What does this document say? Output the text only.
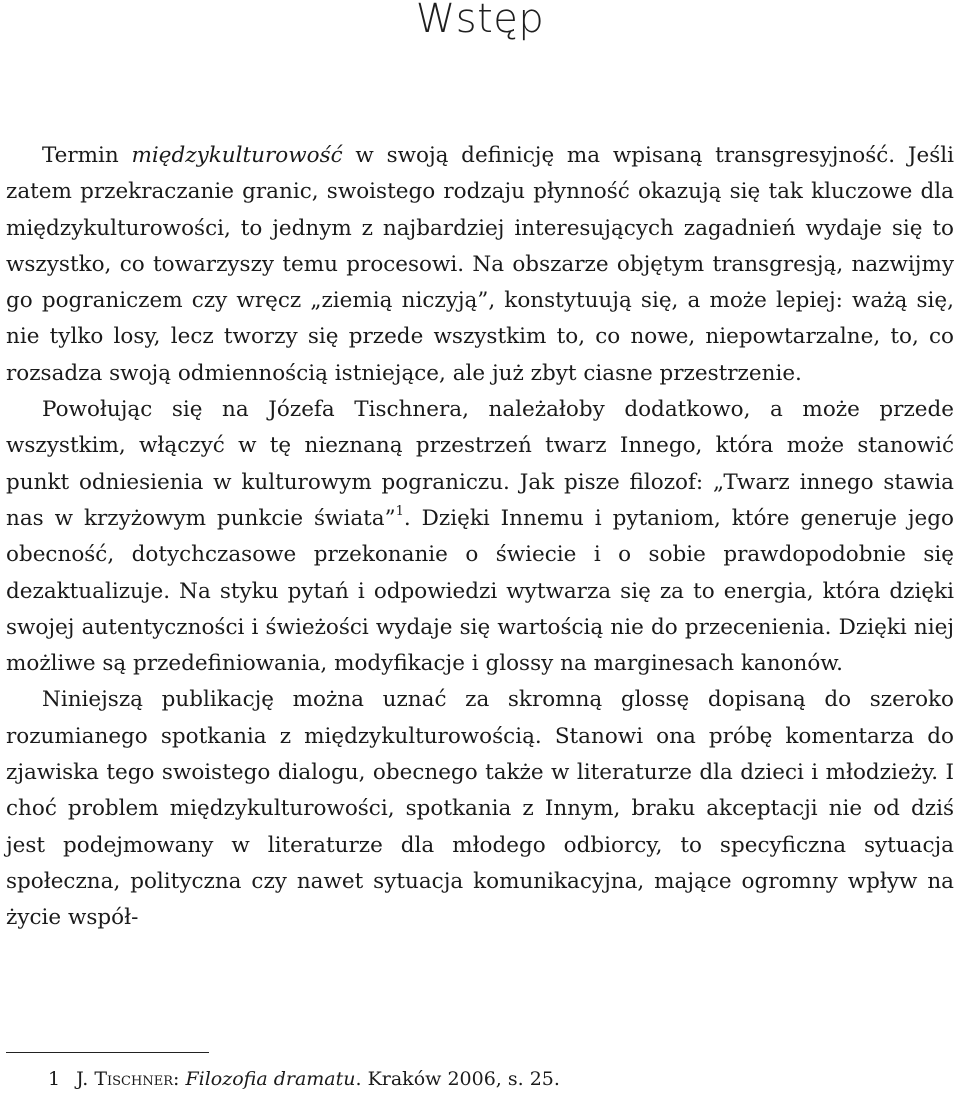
Wstęp

Termin międzykulturowość w swoją definicję ma wpisaną transgresyjność. Jeśli zatem przekraczanie granic, swoistego rodzaju płynność okazują się tak kluczowe dla międzykulturowości, to jednym z najbardziej interesujących zagadnień wydaje się to wszystko, co towarzyszy temu procesowi. Na obszarze objętym transgresją, nazwijmy go pograniczem czy wręcz „ziemią niczyją”, konstytuują się, a może lepiej: ważą się, nie tylko losy, lecz tworzy się przede wszystkim to, co nowe, niepowtarzalne, to, co rozsadza swoją odmiennością istniejące, ale już zbyt ciasne przestrzenie.

Powołując się na Józefa Tischnera, należałoby dodatkowo, a może przede wszystkim, włączyć w tę nieznaną przestrzeń twarz Innego, która może stanowić punkt odniesienia w kulturowym pograniczu. Jak pisze filozof: „Twarz innego stawia nas w krzyżowym punkcie świata”$^1$. Dzięki Innemu i pytaniom, które generuje jego obecność, dotychczasowe przekonanie o świecie i o sobie prawdopodobnie się dezaktualizuje. Na styku pytań i odpowiedzi wytwarza się za to energia, która dzięki swojej autentyczności i świeżości wydaje się wartością nie do przecenienia. Dzięki niej możliwe są przedefiniowania, modyfikacje i glossy na marginesach kanonów.

Niniejszą publikację można uznać za skromną glossę dopisaną do szeroko rozumianego spotkania z międzykulturowością. Stanowi ona próbę komentarza do zjawiska tego swoistego dialogu, obecnego także w literaturze dla dzieci i młodzieży. I choć problem międzykulturowości, spotkania z Innym, braku akceptacji nie od dziś jest podejmowany w literaturze dla młodego odbiorcy, to specyficzna sytuacja społeczna, polityczna czy nawet sytuacja komunikacyjna, mające ogromny wpływ na życie współ-

1 J. Tischner: Filozofia dramatu. Kraków 2006, s. 25.
